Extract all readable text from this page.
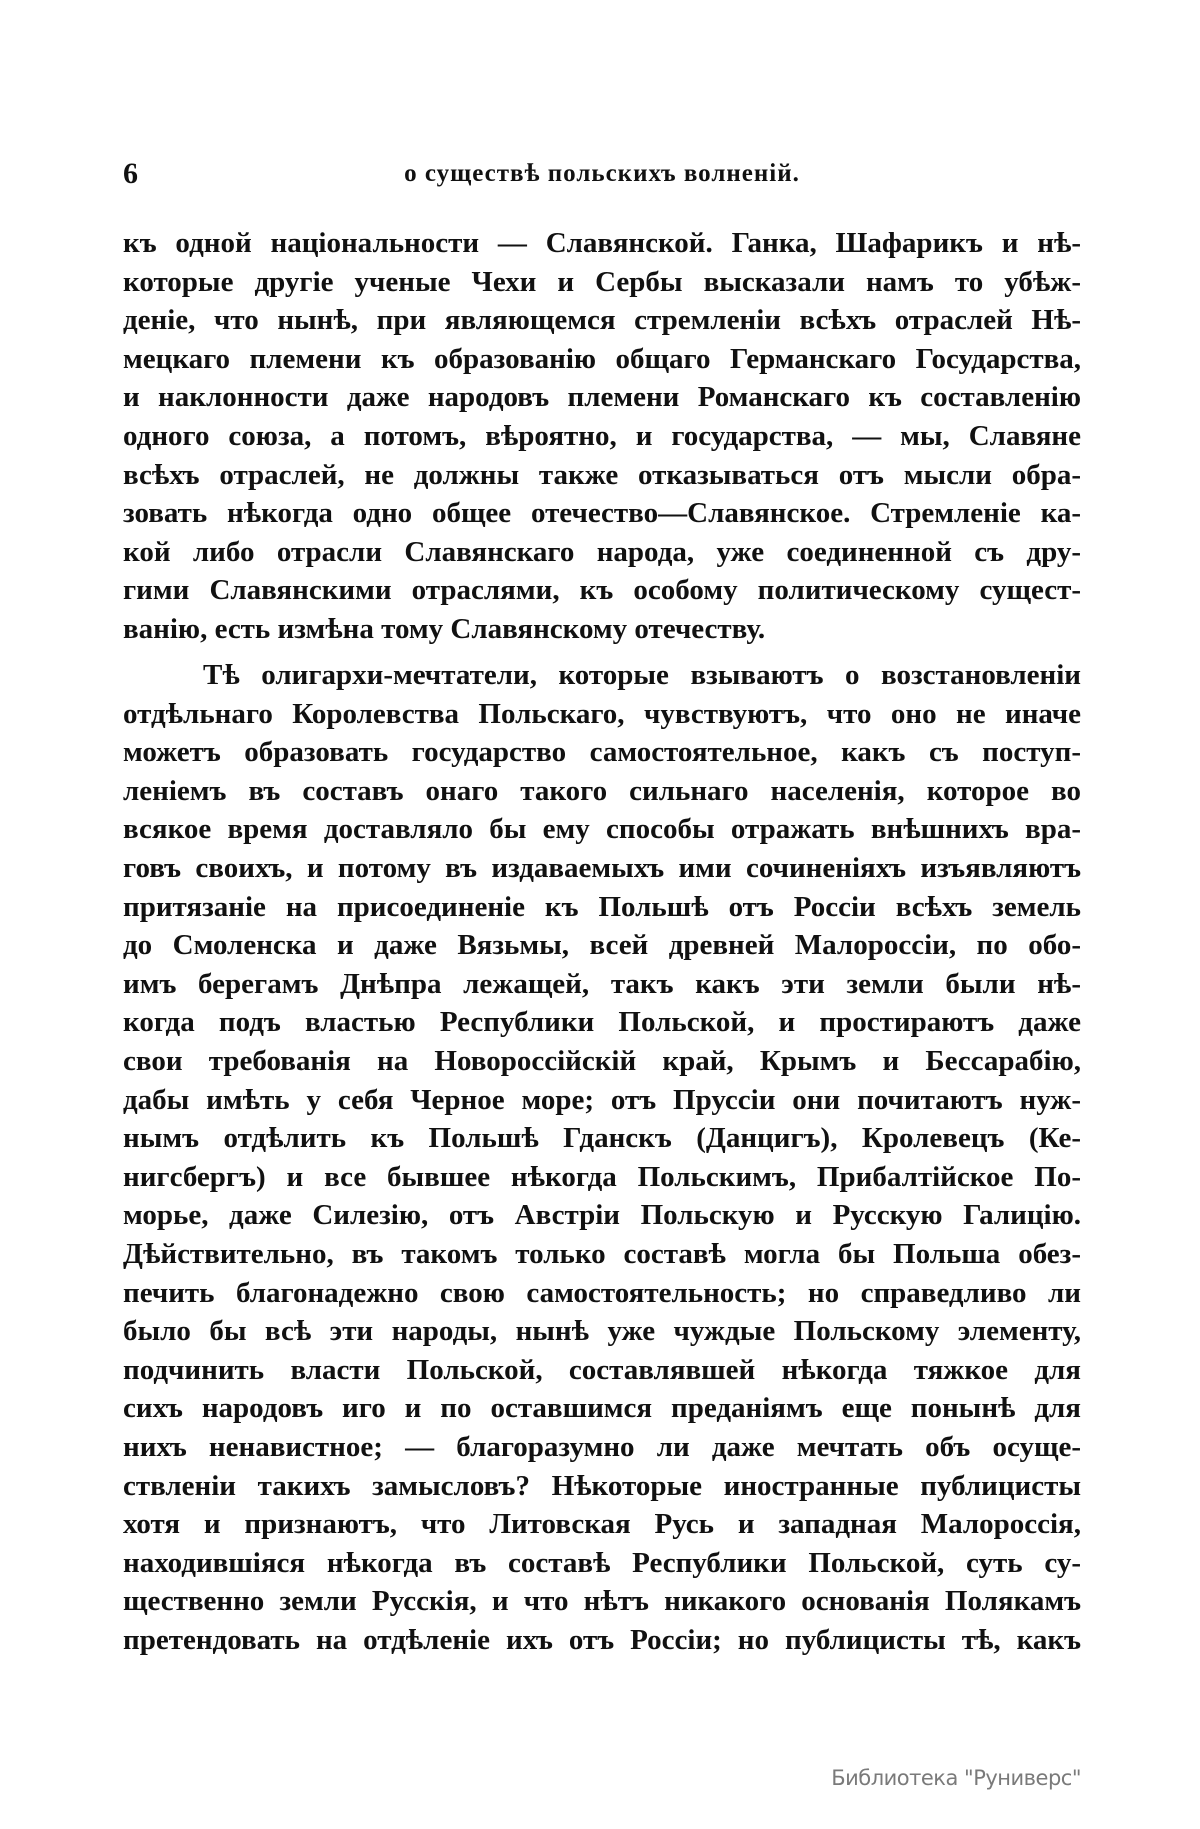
6	о существѣ польскихъ волненій.
къ одной національности — Славянской. Ганка, Шафарикъ и нѣ-
которые другіе ученые Чехи и Сербы высказали намъ то убѣж-
деніе, что нынѣ, при являющемся стремленіи всѣхъ отраслей Нѣ-
мецкаго племени къ образованію общаго Германскаго Государства,
и наклонности даже народовъ племени Романскаго къ составленію
одного союза, а потомъ, вѣроятно, и государства, — мы, Славяне
всѣхъ отраслей, не должны также отказываться отъ мысли обра-
зовать нѣкогда одно общее отечество—Славянское. Стремленіе ка-
кой либо отрасли Славянскаго народа, уже соединенной съ дру-
гими Славянскими отраслями, къ особому политическому сущест-
ванію, есть измѣна тому Славянскому отечеству.
Тѣ олигархи-мечтатели, которые взываютъ о возстановленіи
отдѣльнаго Королевства Польскаго, чувствуютъ, что оно не иначе
можетъ образовать государство самостоятельное, какъ съ поступ-
леніемъ въ составъ онаго такого сильнаго населенія, которое во
всякое время доставляло бы ему способы отражать внѣшнихъ вра-
говъ своихъ, и потому въ издаваемыхъ ими сочиненіяхъ изъявляютъ
притязаніе на присоединеніе къ Польшѣ отъ Россіи всѣхъ земель
до Смоленска и даже Вязьмы, всей древней Малороссіи, по обо-
имъ берегамъ Днѣпра лежащей, такъ какъ эти земли были нѣ-
когда подъ властью Республики Польской, и простираютъ даже
свои требованія на Новороссійскій край, Крымъ и Бессарабію,
дабы имѣть у себя Черное море; отъ Пруссіи они почитаютъ нуж-
нымъ отдѣлить къ Польшѣ Гданскъ (Данцигъ), Кролевецъ (Ке-
нигсбергъ) и все бывшее нѣкогда Польскимъ, Прибалтійское По-
морье, даже Силезію, отъ Австріи Польскую и Русскую Галицію.
Дѣйствительно, въ такомъ только составѣ могла бы Польша обез-
печить благонадежно свою самостоятельность; но справедливо ли
было бы всѣ эти народы, нынѣ уже чуждые Польскому элементу,
подчинить власти Польской, составлявшей нѣкогда тяжкое для
сихъ народовъ иго и по оставшимся преданіямъ еще понынѣ для
нихъ ненавистное; — благоразумно ли даже мечтать объ осуще-
ствленіи такихъ замысловъ? Нѣкоторые иностранные публицисты
хотя и признаютъ, что Литовская Русь и западная Малороссія,
находившіяся нѣкогда въ составѣ Республики Польской, суть су-
щественно земли Русскія, и что нѣтъ никакого основанія Полякамъ
претендовать на отдѣленіе ихъ отъ Россіи; но публицисты тѣ, какъ
Библиотека "Руниверс"
